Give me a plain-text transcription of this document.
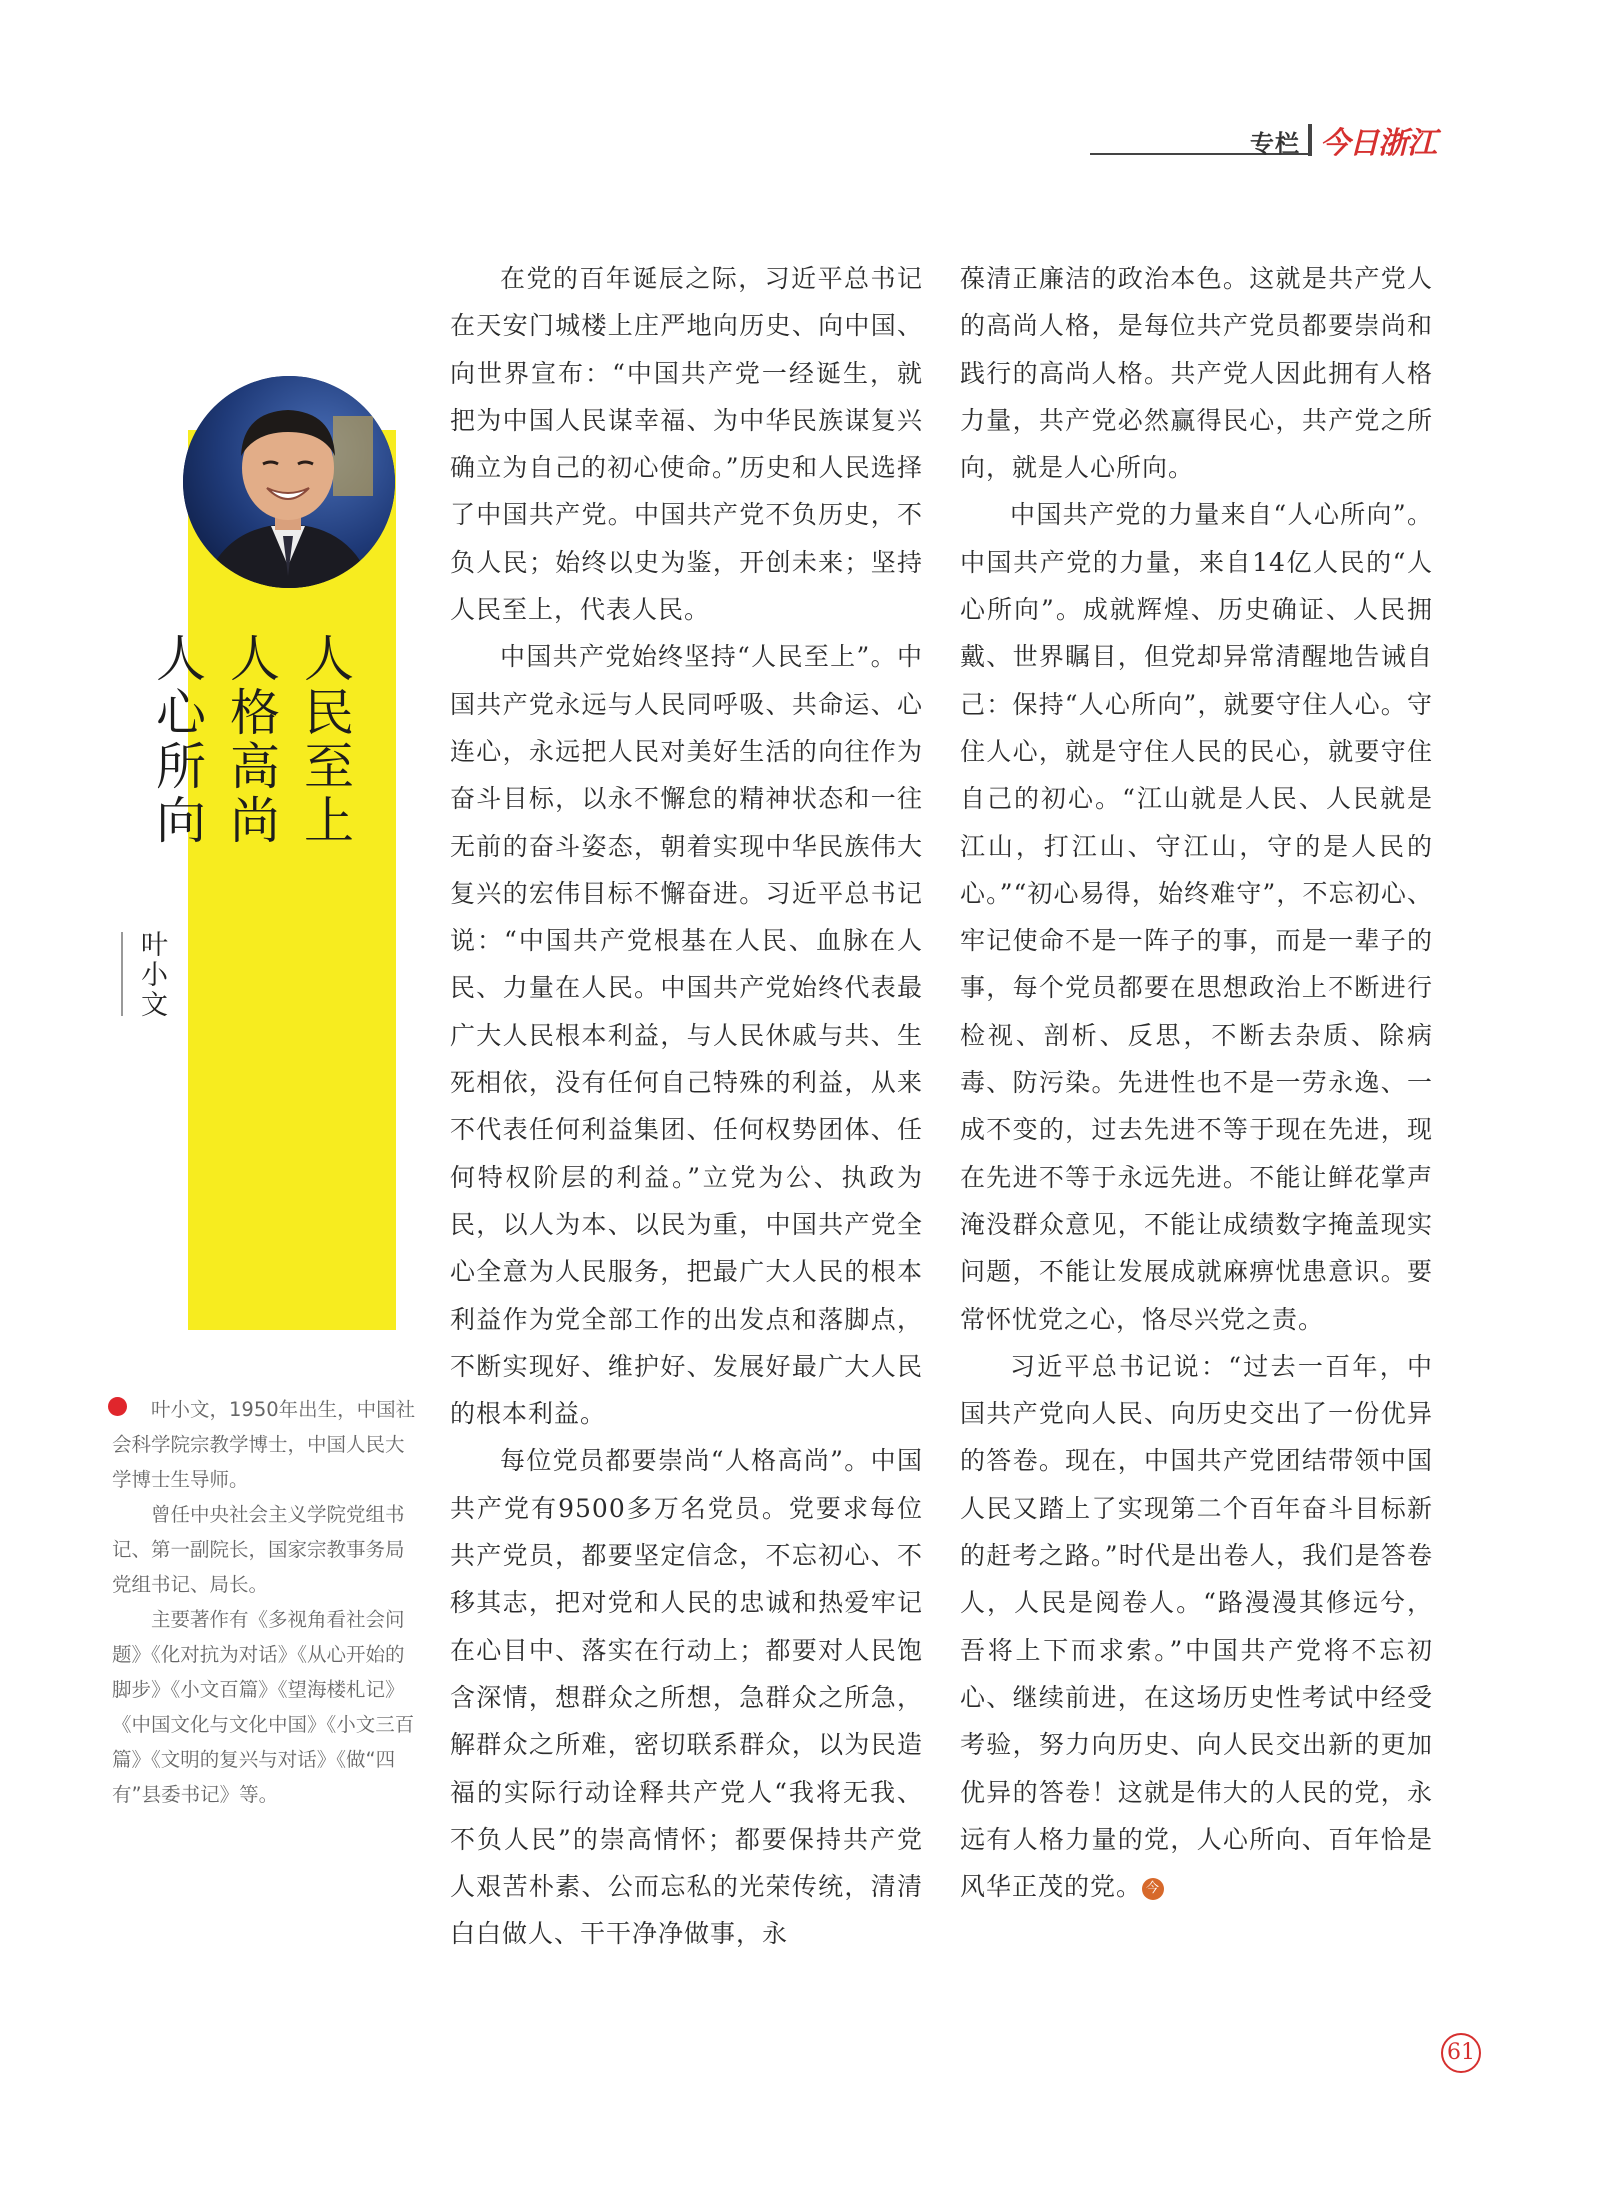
专栏 今日浙江
人民至上
人格高尚
人心所向
叶小文

叶小文，1950年出生，中国社会科学院宗教学博士，中国人民大学博士生导师。

曾任中央社会主义学院党组书记、第一副院长，国家宗教事务局党组书记、局长。

主要著作有《多视角看社会问题》《化对抗为对话》《从心开始的脚步》《小文百篇》《望海楼札记》《中国文化与文化中国》《小文三百篇》《文明的复兴与对话》《做“四有”县委书记》等。

在党的百年诞辰之际，习近平总书记在天安门城楼上庄严地向历史、向中国、向世界宣布：“中国共产党一经诞生，就把为中国人民谋幸福、为中华民族谋复兴确立为自己的初心使命。”历史和人民选择了中国共产党。中国共产党不负历史，不负人民；始终以史为鉴，开创未来；坚持人民至上，代表人民。

中国共产党始终坚持“人民至上”。中国共产党永远与人民同呼吸、共命运、心连心，永远把人民对美好生活的向往作为奋斗目标，以永不懈怠的精神状态和一往无前的奋斗姿态，朝着实现中华民族伟大复兴的宏伟目标不懈奋进。习近平总书记说：“中国共产党根基在人民、血脉在人民、力量在人民。中国共产党始终代表最广大人民根本利益，与人民休戚与共、生死相依，没有任何自己特殊的利益，从来不代表任何利益集团、任何权势团体、任何特权阶层的利益。”立党为公、执政为民，以人为本、以民为重，中国共产党全心全意为人民服务，把最广大人民的根本利益作为党全部工作的出发点和落脚点，不断实现好、维护好、发展好最广大人民的根本利益。

每位党员都要崇尚“人格高尚”。中国共产党有9500多万名党员。党要求每位共产党员，都要坚定信念，不忘初心、不移其志，把对党和人民的忠诚和热爱牢记在心目中、落实在行动上；都要对人民饱含深情，想群众之所想，急群众之所急，解群众之所难，密切联系群众，以为民造福的实际行动诠释共产党人“我将无我、不负人民”的崇高情怀；都要保持共产党人艰苦朴素、公而忘私的光荣传统，清清白白做人、干干净净做事，永

葆清正廉洁的政治本色。这就是共产党人的高尚人格，是每位共产党员都要崇尚和践行的高尚人格。共产党人因此拥有人格力量，共产党必然赢得民心，共产党之所向，就是人心所向。

中国共产党的力量来自“人心所向”。中国共产党的力量，来自14亿人民的“人心所向”。成就辉煌、历史确证、人民拥戴、世界瞩目，但党却异常清醒地告诫自己：保持“人心所向”，就要守住人心。守住人心，就是守住人民的民心，就要守住自己的初心。“江山就是人民、人民就是江山，打江山、守江山，守的是人民的心。”“初心易得，始终难守”，不忘初心、牢记使命不是一阵子的事，而是一辈子的事，每个党员都要在思想政治上不断进行检视、剖析、反思，不断去杂质、除病毒、防污染。先进性也不是一劳永逸、一成不变的，过去先进不等于现在先进，现在先进不等于永远先进。不能让鲜花掌声淹没群众意见，不能让成绩数字掩盖现实问题，不能让发展成就麻痹忧患意识。要常怀忧党之心，恪尽兴党之责。

习近平总书记说：“过去一百年，中国共产党向人民、向历史交出了一份优异的答卷。现在，中国共产党团结带领中国人民又踏上了实现第二个百年奋斗目标新的赶考之路。”时代是出卷人，我们是答卷人，人民是阅卷人。“路漫漫其修远兮，吾将上下而求索。”中国共产党将不忘初心、继续前进，在这场历史性考试中经受考验，努力向历史、向人民交出新的更加优异的答卷！这就是伟大的人民的党，永远有人格力量的党，人心所向、百年恰是风华正茂的党。 今

61
